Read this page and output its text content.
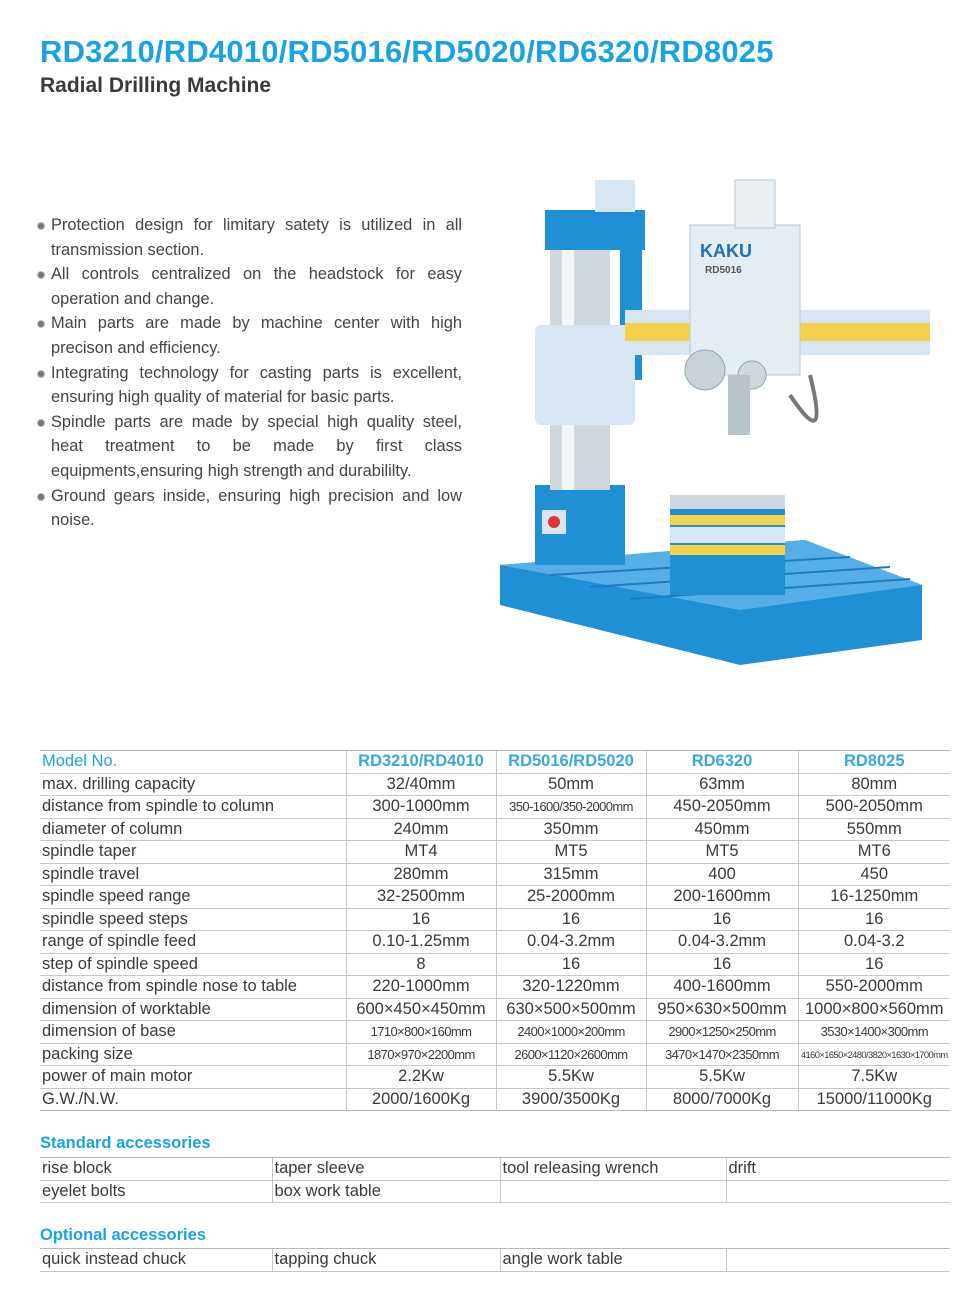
RD3210/RD4010/RD5016/RD5020/RD6320/RD8025
Radial Drilling Machine
Protection design for limitary satety is utilized in all transmission section.
All controls centralized on the headstock for easy operation and change.
Main parts are made by machine center with high precison and efficiency.
Integrating technology for casting parts is excellent, ensuring high quality of material for basic parts.
Spindle parts are made by special high quality steel, heat treatment to be made by first class equipments,ensuring high strength and durabililty.
Ground gears inside, ensuring high precision and low noise.
KAKU
RD5016
Model No.	RD3210/RD4010	RD5016/RD5020	RD6320	RD8025
max. drilling capacity	32/40mm	50mm	63mm	80mm
distance from spindle to column	300-1000mm	350-1600/350-2000mm	450-2050mm	500-2050mm
diameter of column	240mm	350mm	450mm	550mm
spindle taper	MT4	MT5	MT5	MT6
spindle travel	280mm	315mm	400	450
spindle speed range	32-2500mm	25-2000mm	200-1600mm	16-1250mm
spindle speed steps	16	16	16	16
range of spindle feed	0.10-1.25mm	0.04-3.2mm	0.04-3.2mm	0.04-3.2
step of spindle speed	8	16	16	16
distance from spindle nose to table	220-1000mm	320-1220mm	400-1600mm	550-2000mm
dimension of worktable	600×450×450mm	630×500×500mm	950×630×500mm	1000×800×560mm
dimension of base	1710×800×160mm	2400×1000×200mm	2900×1250×250mm	3530×1400×300mm
packing size	1870×970×2200mm	2600×1120×2600mm	3470×1470×2350mm	4160×1650×2480/3820×1630×1700mm
power of main motor	2.2Kw	5.5Kw	5.5Kw	7.5Kw
G.W./N.W.	2000/1600Kg	3900/3500Kg	8000/7000Kg	15000/11000Kg
Standard accessories
rise block	taper sleeve	tool releasing wrench	drift
eyelet bolts	box work table		
Optional accessories
quick instead chuck	tapping chuck	angle work table	
